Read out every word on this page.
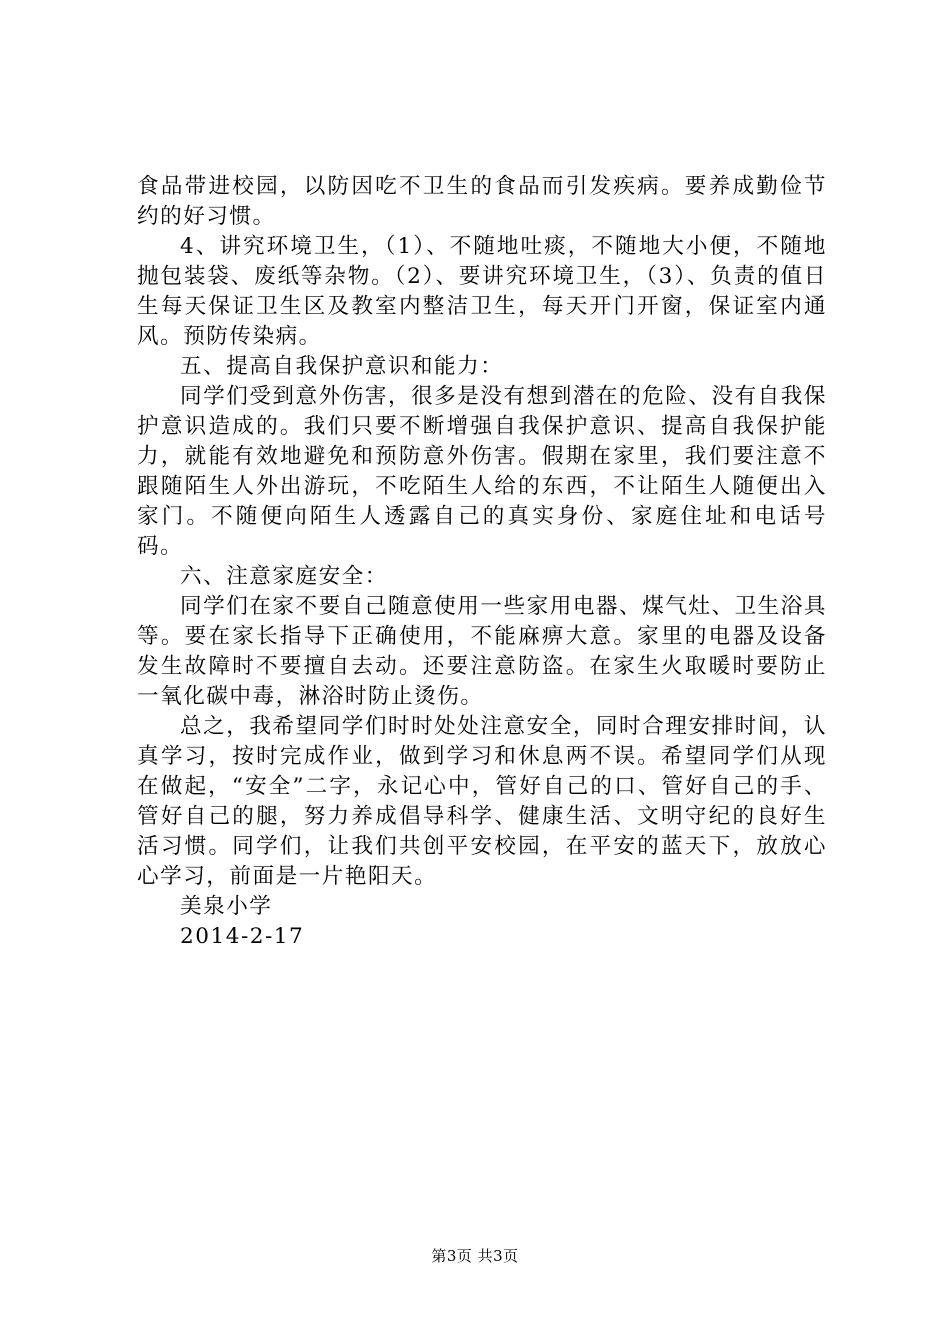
食品带进校园，以防因吃不卫生的食品而引发疾病。要养成勤俭节约的好习惯。

4、讲究环境卫生，（1）、不随地吐痰，不随地大小便，不随地抛包装袋、废纸等杂物。（2）、要讲究环境卫生，（3）、负责的值日生每天保证卫生区及教室内整洁卫生，每天开门开窗，保证室内通风。预防传染病。

五、提高自我保护意识和能力：

同学们受到意外伤害，很多是没有想到潜在的危险、没有自我保护意识造成的。我们只要不断增强自我保护意识、提高自我保护能力，就能有效地避免和预防意外伤害。假期在家里，我们要注意不跟随陌生人外出游玩，不吃陌生人给的东西，不让陌生人随便出入家门。不随便向陌生人透露自己的真实身份、家庭住址和电话号码。

六、注意家庭安全：

同学们在家不要自己随意使用一些家用电器、煤气灶、卫生浴具等。要在家长指导下正确使用，不能麻痹大意。家里的电器及设备发生故障时不要擅自去动。还要注意防盗。在家生火取暖时要防止一氧化碳中毒，淋浴时防止烫伤。

总之，我希望同学们时时处处注意安全，同时合理安排时间，认真学习，按时完成作业，做到学习和休息两不误。希望同学们从现在做起，“安全”二字，永记心中，管好自己的口、管好自己的手、管好自己的腿，努力养成倡导科学、健康生活、文明守纪的良好生活习惯。同学们，让我们共创平安校园，在平安的蓝天下，放放心心学习，前面是一片艳阳天。

美泉小学

2014-2-17

第3页 共3页
